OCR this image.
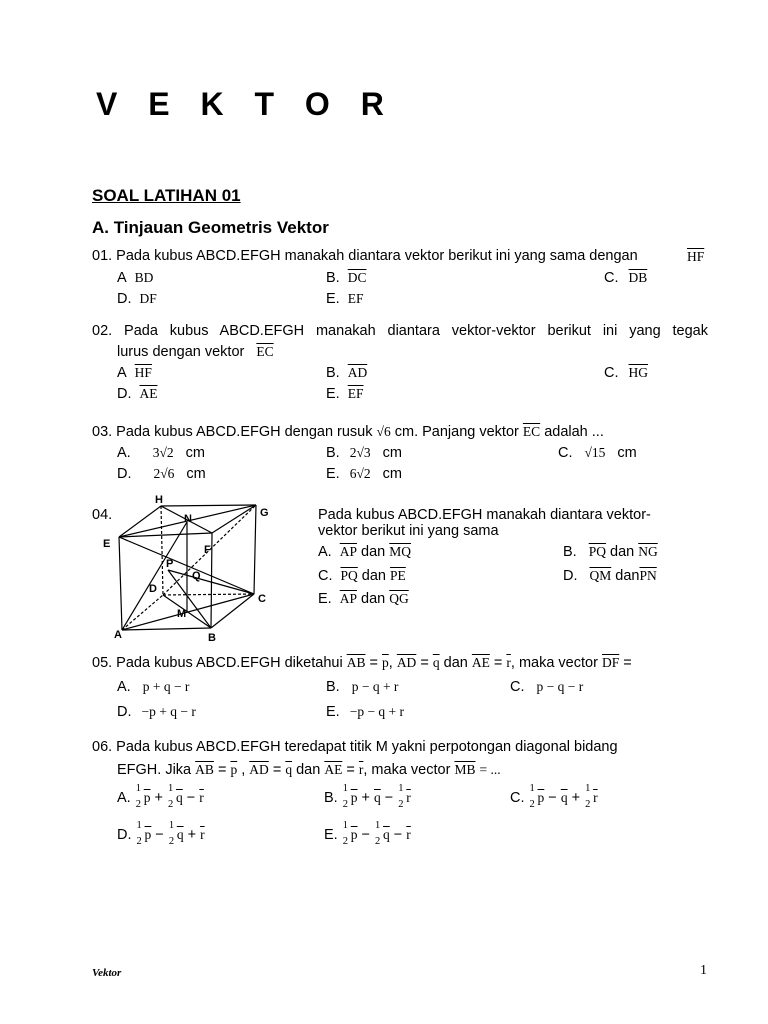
V E K T O R
SOAL LATIHAN 01
A. Tinjauan Geometris Vektor
01. Pada kubus ABCD.EFGH manakah diantara vektor berikut ini yang sama dengan	$\overline{HF}$
A BD	B. $\overline{DC}$	C. $\overline{DB}$
D. DF	E. EF
02. Pada kubus ABCD.EFGH manakah diantara vektor-vektor berikut ini yang tegak
lurus dengan vektor $\overline{EC}$
A $\overline{HF}$	B. $\overline{AD}$	C. $\overline{HG}$
D. $\overline{AE}$	E. $\overline{EF}$
03. Pada kubus ABCD.EFGH dengan rusuk √6 cm. Panjang vektor $\overline{EC}$ adalah ...
A. 3√2 cm	B. 2√3 cm	C. √15 cm
D. 2√6 cm	E. 6√2 cm
04.
H
N	G
E	F
P
Q
D
M
C
A	B
Pada kubus ABCD.EFGH manakah diantara vektor-
vektor berikut ini yang sama
A. $\overline{AP}$ dan $\overline{MQ}$	B. $\overline{PQ}$ dan $\overline{NG}$
C. $\overline{PQ}$ dan $\overline{PE}$	D. $\overline{QM}$ $dan\overline{PN}$
E. $\overline{AP}$ dan $\overline{QG}$
05. Pada kubus ABCD.EFGH diketahui $\overline{AB} = \overline{p}$, $\overline{AD} = \overline{q}$ dan $\overline{AE} = \overline{r}$, maka vector $\overline{DF}$ =
A. p + q − r	B. p − q + r	C. p − q − r
D. −p + q − r	E. −p − q + r
06. Pada kubus ABCD.EFGH teredapat titik M yakni perpotongan diagonal bidang
EFGH. Jika $\overline{AB} = \overline{p}$ , $\overline{AD} = \overline{q}$ dan $\overline{AE} = \overline{r}$, maka vector $\overline{MB}$ = ...
A.
1
2 $\overline{p}$ +
1
2 $\overline{q} - \overline{r}$	B.
1
2 $\overline{p} + \overline{q}$ −
1
2 $\overline{r}$	C.
1
2 $\overline{p} - \overline{q}$ +
1
2 $\overline{r}$
D.
1
2 $\overline{p}$ −
1
2 $\overline{q} + \overline{r}$	E.
1
2 $\overline{p}$ −
1
2 $\overline{q} - \overline{r}$
Vektor	1
